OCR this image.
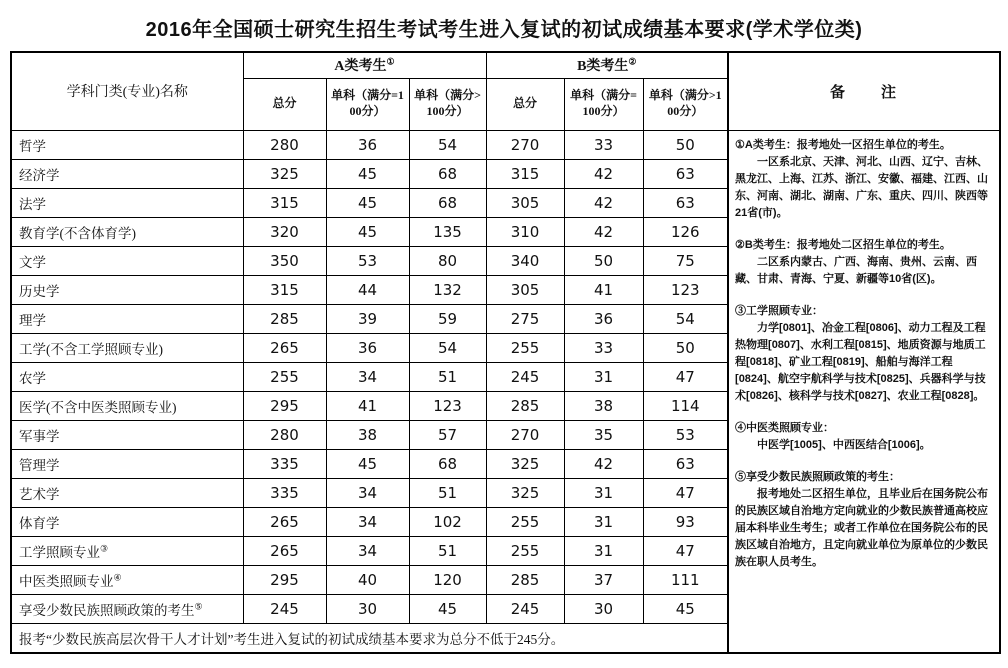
2016年全国硕士研究生招生考试考生进入复试的初试成绩基本要求(学术学位类)
学科门类(专业)名称	A类考生①			B类考生②			备　　注
	总分	单科（满分=100分）	单科（满分>100分）	总分	单科（满分=100分）	单科（满分>100分）	
哲学	280	36	54	270	33	50	①A类考生：报考地处一区招生单位的考生。
一区系北京、天津、河北、山西、辽宁、吉林、黑龙江、上海、江苏、浙江、安徽、福建、江西、山东、河南、湖北、湖南、广东、重庆、四川、陕西等21省(市)。
②B类考生：报考地处二区招生单位的考生。
二区系内蒙古、广西、海南、贵州、云南、西藏、甘肃、青海、宁夏、新疆等10省(区)。
③工学照顾专业：
力学[0801]、冶金工程[0806]、动力工程及工程热物理[0807]、水利工程[0815]、地质资源与地质工程[0818]、矿业工程[0819]、船舶与海洋工程[0824]、航空宇航科学与技术[0825]、兵器科学与技术[0826]、核科学与技术[0827]、农业工程[0828]。
④中医类照顾专业：
中医学[1005]、中西医结合[1006]。
⑤享受少数民族照顾政策的考生：
报考地处二区招生单位，且毕业后在国务院公布的民族区域自治地方定向就业的少数民族普通高校应届本科毕业生考生；或者工作单位在国务院公布的民族区域自治地方，且定向就业单位为原单位的少数民族在职人员考生。

经济学	325	45	68	315	42	63	
法学	315	45	68	305	42	63	
教育学(不含体育学)	320	45	135	310	42	126	
文学	350	53	80	340	50	75	
历史学	315	44	132	305	41	123	
理学	285	39	59	275	36	54	
工学(不含工学照顾专业)	265	36	54	255	33	50	
农学	255	34	51	245	31	47	
医学(不含中医类照顾专业)	295	41	123	285	38	114	
军事学	280	38	57	270	35	53	
管理学	335	45	68	325	42	63	
艺术学	335	34	51	325	31	47	
体育学	265	34	102	255	31	93	
工学照顾专业③	265	34	51	255	31	47	
中医类照顾专业④	295	40	120	285	37	111	
享受少数民族照顾政策的考生⑤	245	30	45	245	30	45	
报考“少数民族高层次骨干人才计划”考生进入复试的初试成绩基本要求为总分不低于245分。							
